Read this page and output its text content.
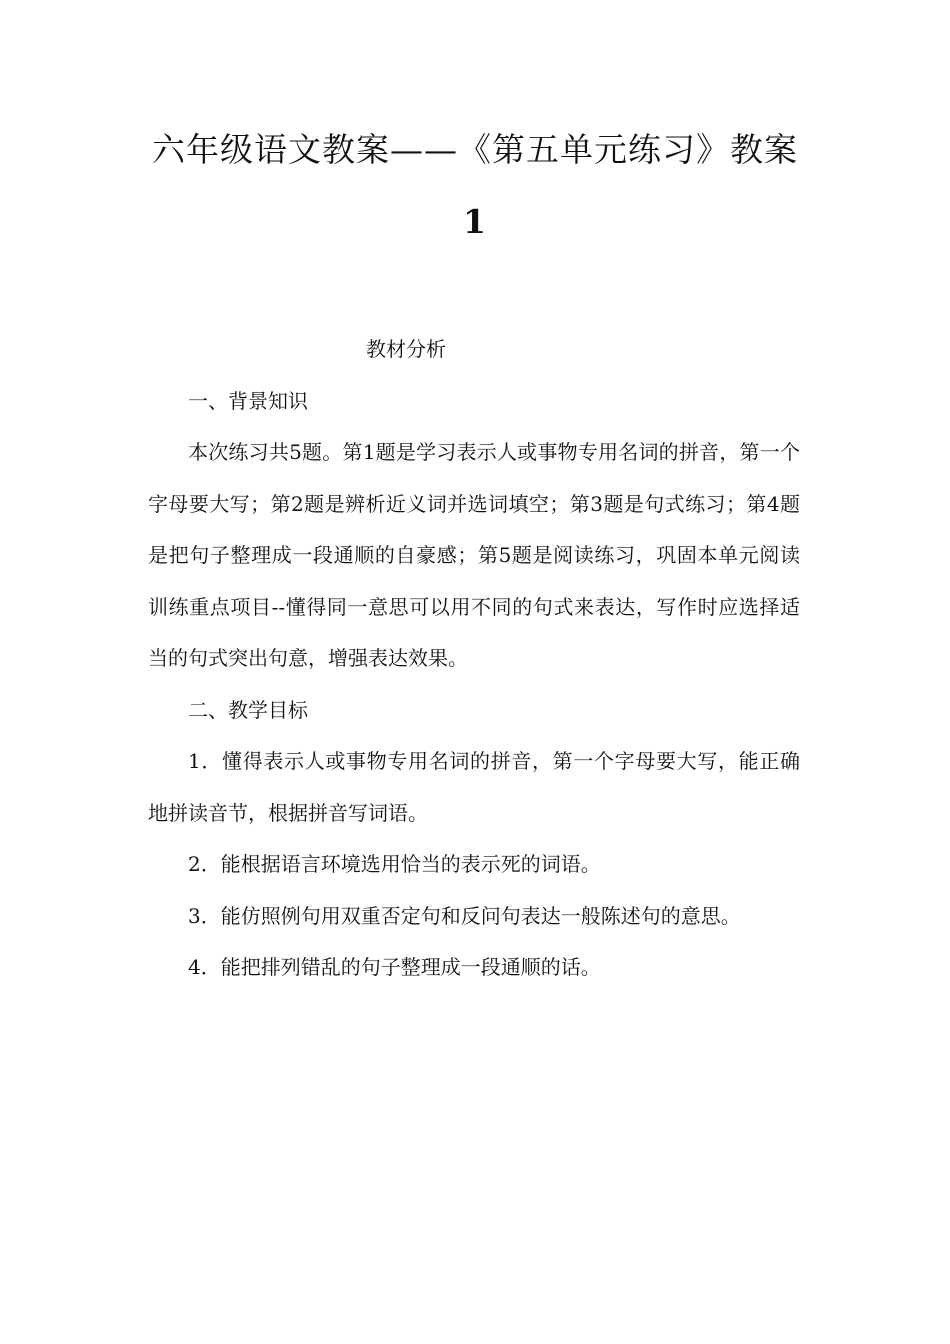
六年级语文教案——《第五单元练习》教案
1

教材分析

一、背景知识

本次练习共5题。第1题是学习表示人或事物专用名词的拼音，第一个字母要大写；第2题是辨析近义词并选词填空；第3题是句式练习；第4题是把句子整理成一段通顺的自豪感；第5题是阅读练习，巩固本单元阅读训练重点项目--懂得同一意思可以用不同的句式来表达，写作时应选择适当的句式突出句意，增强表达效果。

二、教学目标

1．懂得表示人或事物专用名词的拼音，第一个字母要大写，能正确地拼读音节，根据拼音写词语。

2．能根据语言环境选用恰当的表示死的词语。

3．能仿照例句用双重否定句和反问句表达一般陈述句的意思。

4．能把排列错乱的句子整理成一段通顺的话。
